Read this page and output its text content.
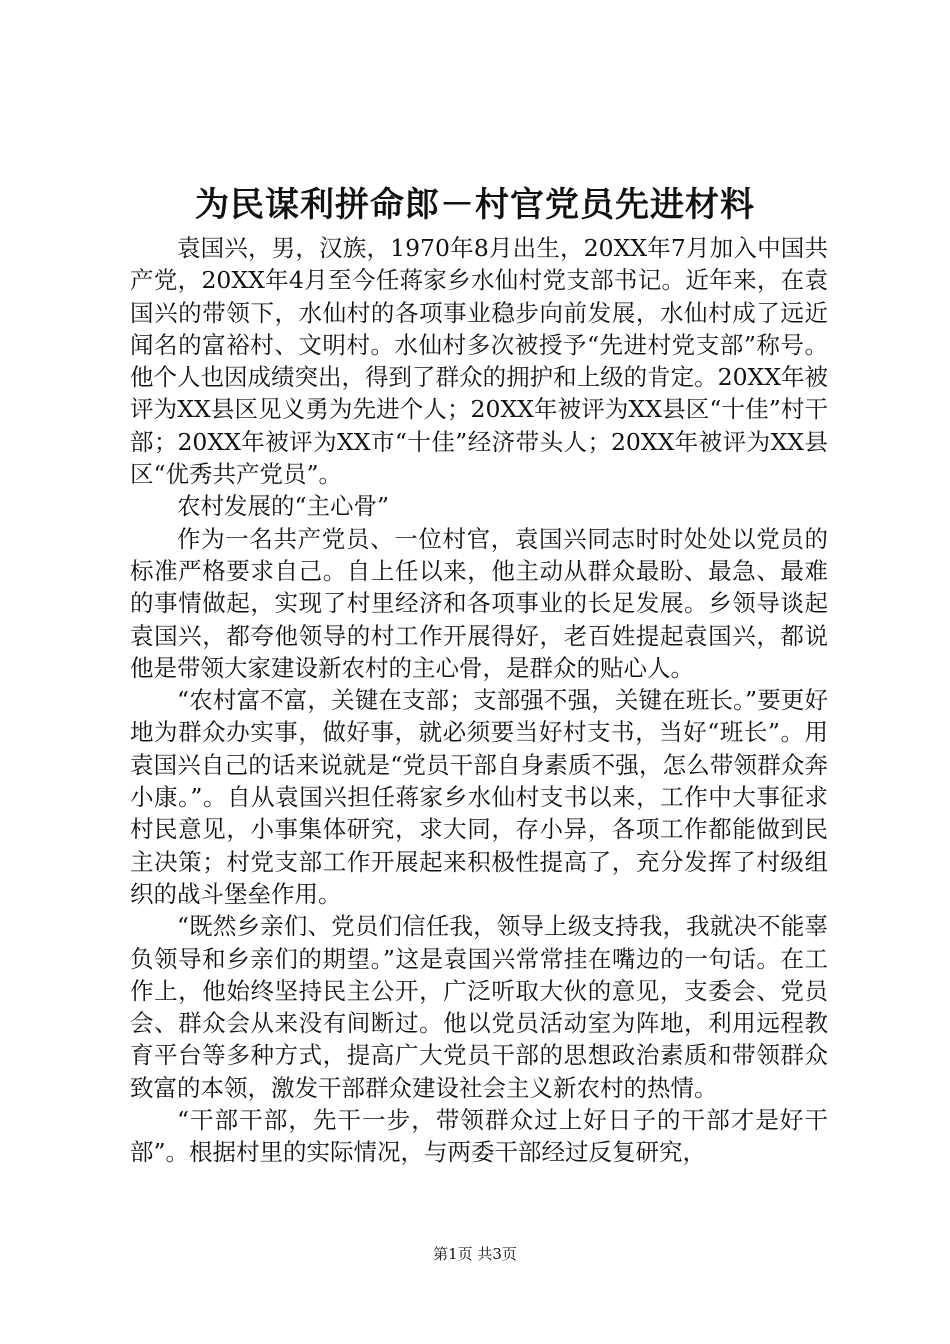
为民谋利拼命郎－村官党员先进材料

袁国兴，男，汉族，1970年8月出生，20XX年7月加入中国共产党，20XX年4月至今任蒋家乡水仙村党支部书记。近年来，在袁国兴的带领下，水仙村的各项事业稳步向前发展，水仙村成了远近闻名的富裕村、文明村。水仙村多次被授予“先进村党支部”称号。他个人也因成绩突出，得到了群众的拥护和上级的肯定。20XX年被评为XX县区见义勇为先进个人；20XX年被评为XX县区“十佳”村干部；20XX年被评为XX市“十佳”经济带头人；20XX年被评为XX县区“优秀共产党员”。

农村发展的“主心骨”

作为一名共产党员、一位村官，袁国兴同志时时处处以党员的标准严格要求自己。自上任以来，他主动从群众最盼、最急、最难的事情做起，实现了村里经济和各项事业的长足发展。乡领导谈起袁国兴，都夸他领导的村工作开展得好，老百姓提起袁国兴，都说他是带领大家建设新农村的主心骨，是群众的贴心人。

“农村富不富，关键在支部；支部强不强，关键在班长。”要更好地为群众办实事，做好事，就必须要当好村支书，当好“班长”。用袁国兴自己的话来说就是“党员干部自身素质不强，怎么带领群众奔小康。”。自从袁国兴担任蒋家乡水仙村支书以来，工作中大事征求村民意见，小事集体研究，求大同，存小异，各项工作都能做到民主决策；村党支部工作开展起来积极性提高了，充分发挥了村级组织的战斗堡垒作用。

“既然乡亲们、党员们信任我，领导上级支持我，我就决不能辜负领导和乡亲们的期望。”这是袁国兴常常挂在嘴边的一句话。在工作上，他始终坚持民主公开，广泛听取大伙的意见，支委会、党员会、群众会从来没有间断过。他以党员活动室为阵地，利用远程教育平台等多种方式，提高广大党员干部的思想政治素质和带领群众致富的本领，激发干部群众建设社会主义新农村的热情。

“干部干部，先干一步，带领群众过上好日子的干部才是好干部”。根据村里的实际情况，与两委干部经过反复研究，

第1页 共3页
